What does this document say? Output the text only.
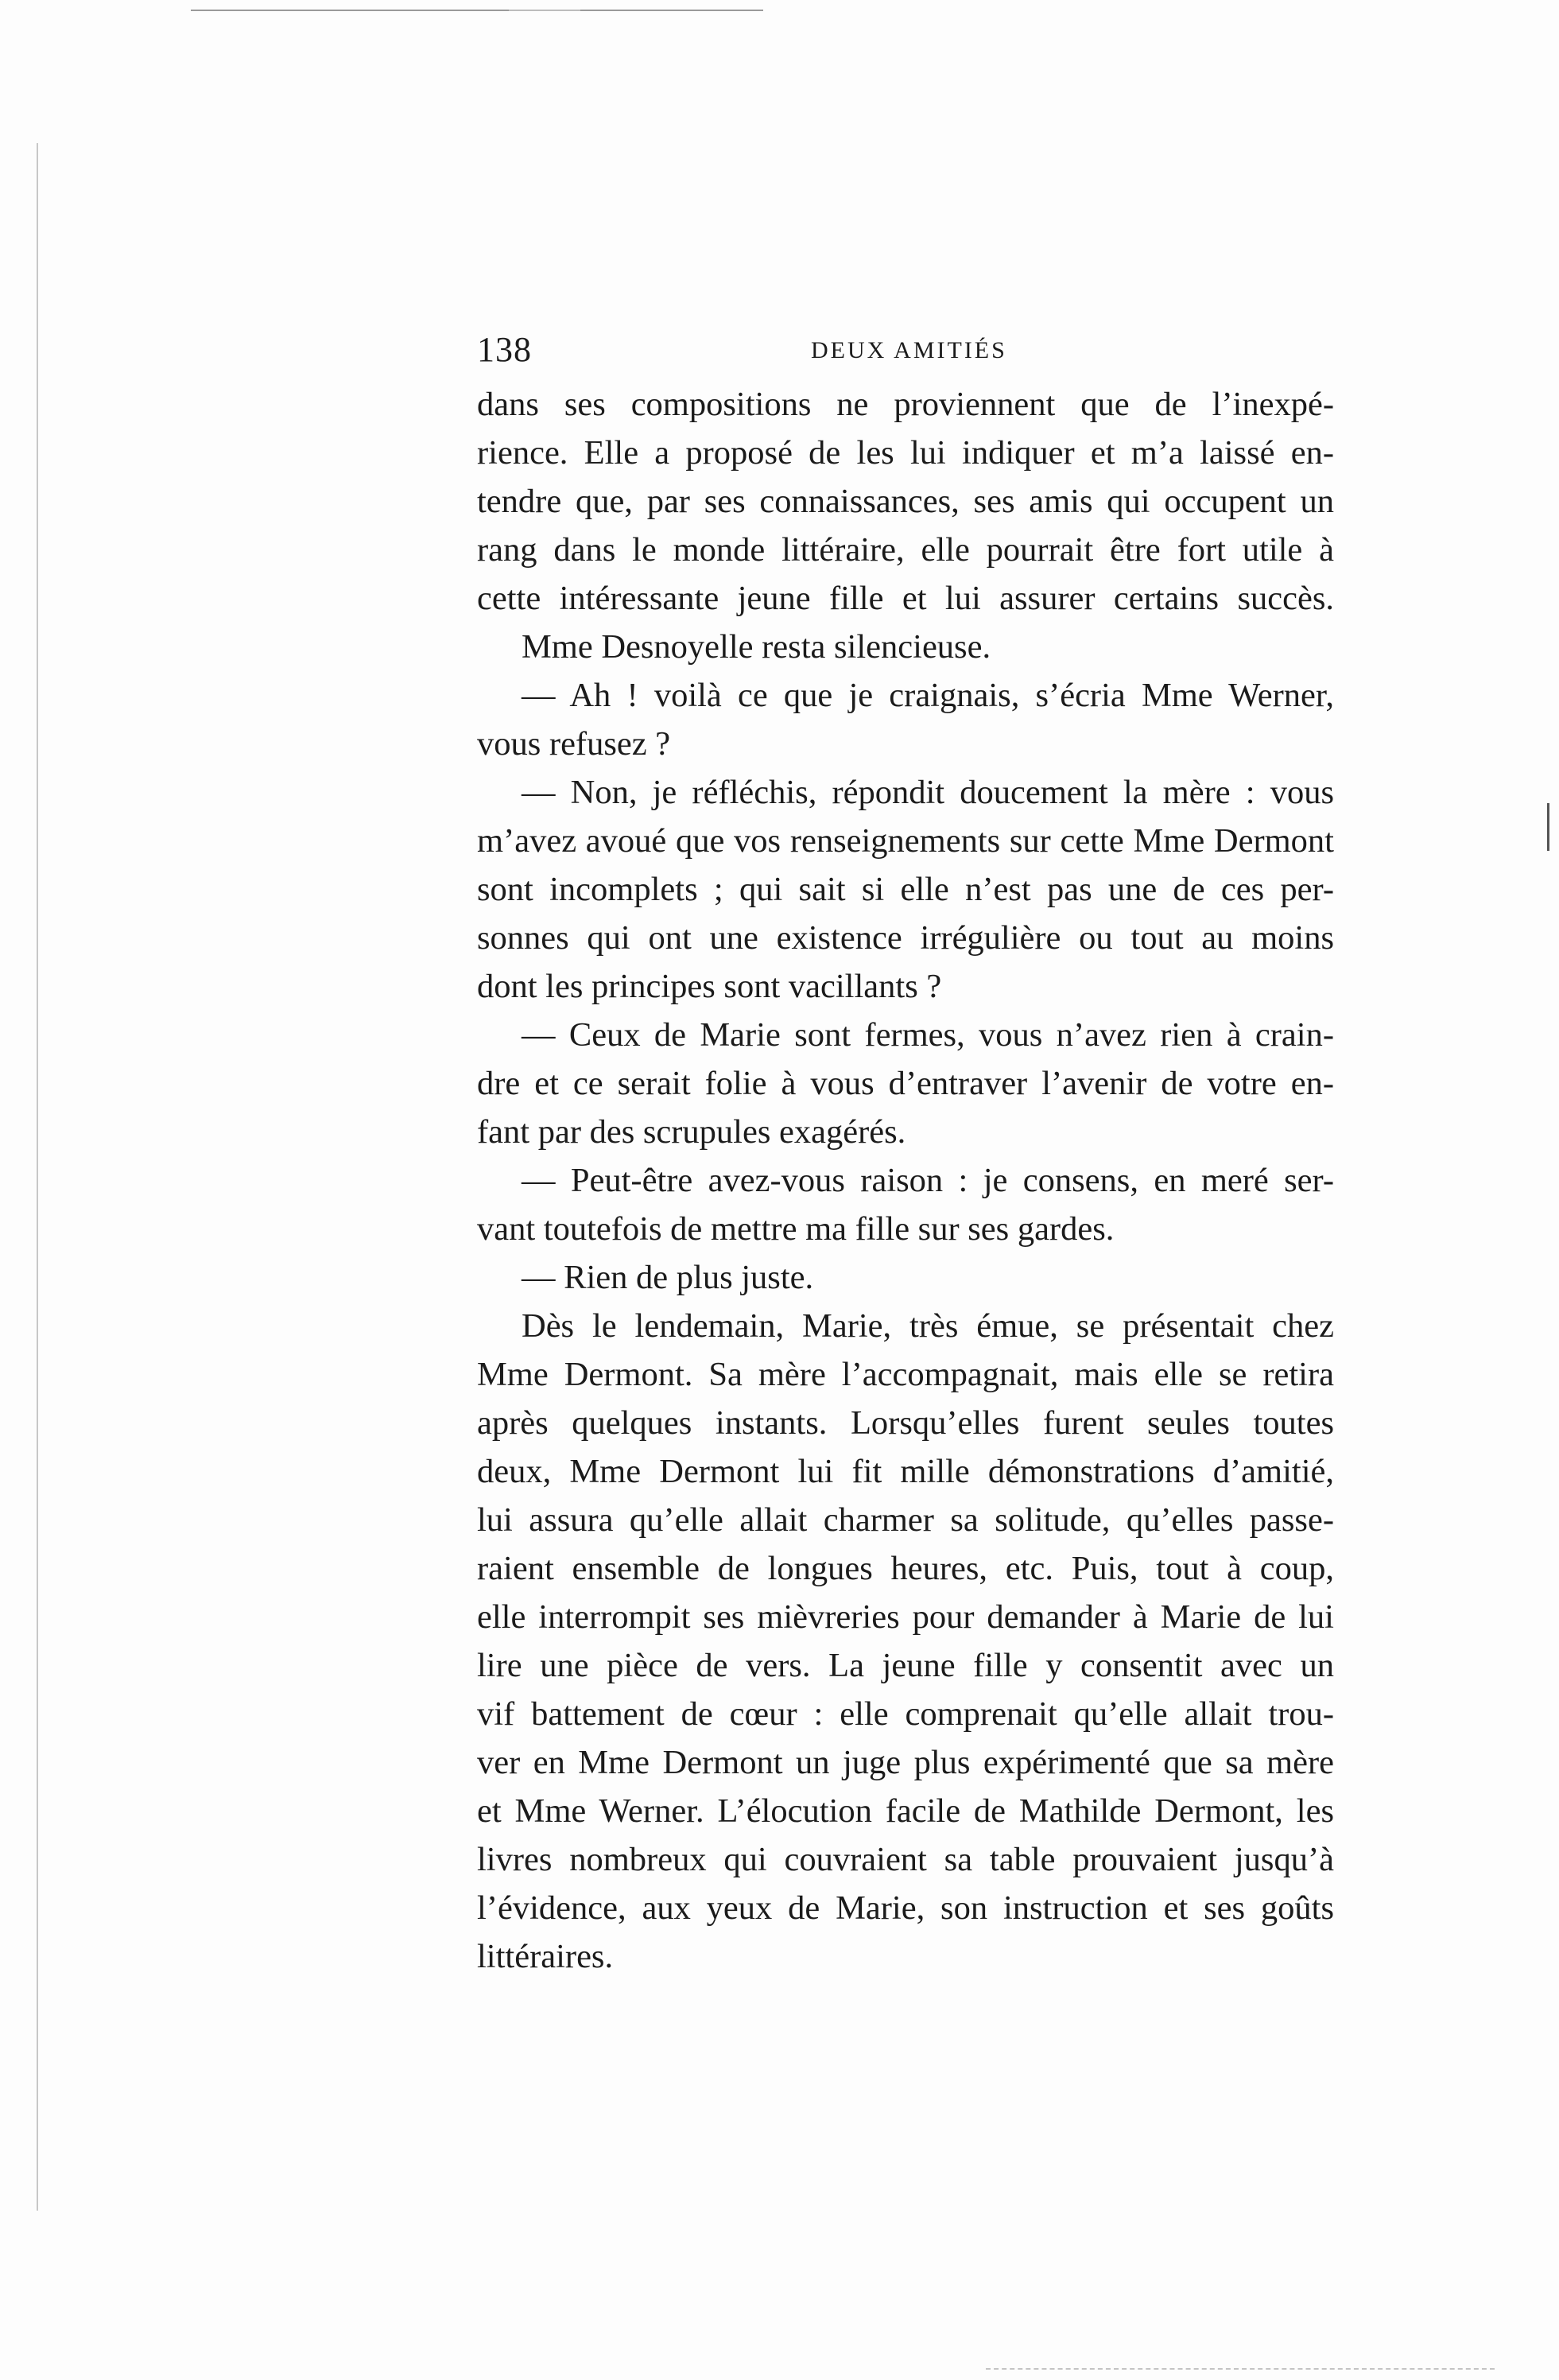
138	DEUX AMITIÉS
dans ses compositions ne proviennent que de l’inexpé-
rience. Elle a proposé de les lui indiquer et m’a laissé en-
tendre que, par ses connaissances, ses amis qui occupent un
rang dans le monde littéraire, elle pourrait être fort utile à
cette intéressante jeune fille et lui assurer certains succès.
Mme Desnoyelle resta silencieuse.
— Ah ! voilà ce que je craignais, s’écria Mme Werner,
vous refusez ?
— Non, je réfléchis, répondit doucement la mère : vous
m’avez avoué que vos renseignements sur cette Mme Dermont
sont incomplets ; qui sait si elle n’est pas une de ces per-
sonnes qui ont une existence irrégulière ou tout au moins
dont les principes sont vacillants ?
— Ceux de Marie sont fermes, vous n’avez rien à crain-
dre et ce serait folie à vous d’entraver l’avenir de votre en-
fant par des scrupules exagérés.
— Peut-être avez-vous raison : je consens, en meré ser-
vant toutefois de mettre ma fille sur ses gardes.
— Rien de plus juste.
Dès le lendemain, Marie, très émue, se présentait chez
Mme Dermont. Sa mère l’accompagnait, mais elle se retira
après quelques instants. Lorsqu’elles furent seules toutes
deux, Mme Dermont lui fit mille démonstrations d’amitié,
lui assura qu’elle allait charmer sa solitude, qu’elles passe-
raient ensemble de longues heures, etc. Puis, tout à coup,
elle interrompit ses mièvreries pour demander à Marie de lui
lire une pièce de vers. La jeune fille y consentit avec un
vif battement de cœur : elle comprenait qu’elle allait trou-
ver en Mme Dermont un juge plus expérimenté que sa mère
et Mme Werner. L’élocution facile de Mathilde Dermont, les
livres nombreux qui couvraient sa table prouvaient jusqu’à
l’évidence, aux yeux de Marie, son instruction et ses goûts
littéraires.
